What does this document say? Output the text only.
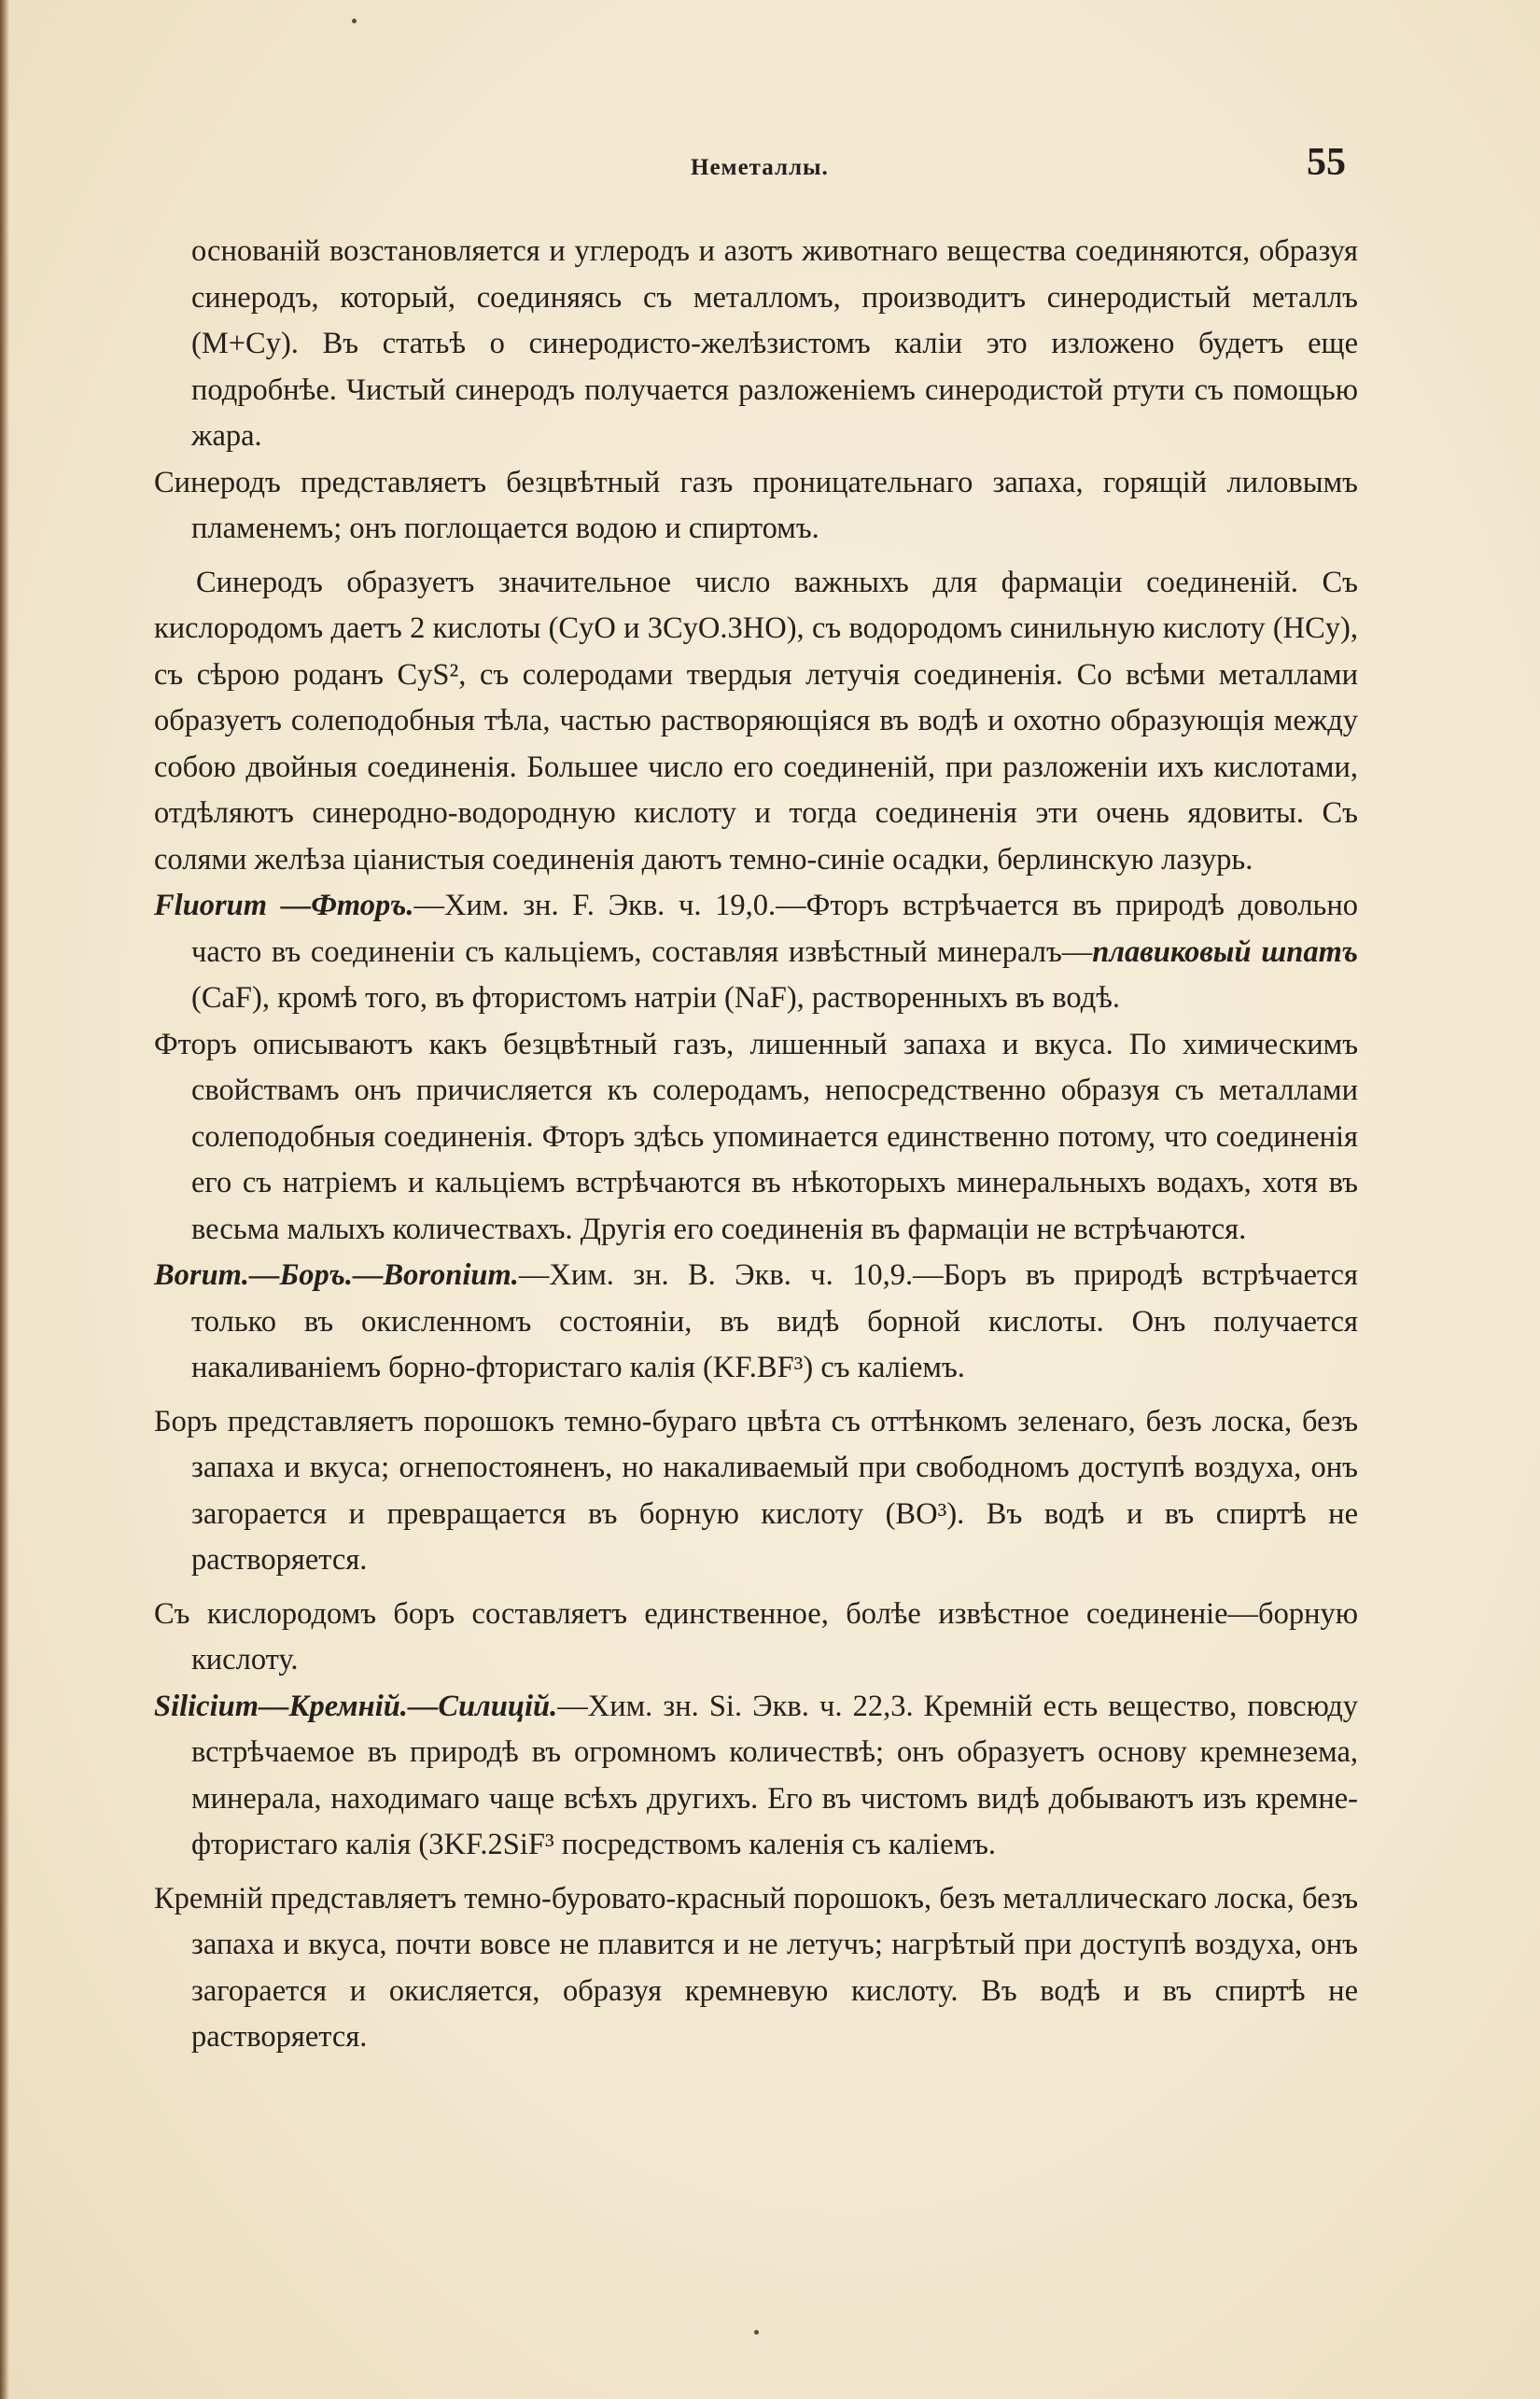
Неметаллы.	55

основаній возстановляется и углеродъ и азотъ животнаго вещества соединяются, образуя синеродъ, который, соединяясь съ металломъ, производитъ синеродистый металлъ (M+Cy). Въ статьѣ о синеродисто-желѣзистомъ каліи это изложено будетъ еще подробнѣе. Чистый синеродъ получается разложеніемъ синеродистой ртути съ помощью жара.

Синеродъ представляетъ безцвѣтный газъ проницательнаго запаха, горящій лиловымъ пламенемъ; онъ поглощается водою и спиртомъ.

Синеродъ образуетъ значительное число важныхъ для фармаціи соединеній. Съ кислородомъ даетъ 2 кислоты (CyO и 3CyO.3HO), съ водородомъ синильную кислоту (HCy), съ сѣрою роданъ CyS², съ солеродами твердыя летучія соединенія. Со всѣми металлами образуетъ солеподобныя тѣла, частью растворяющіяся въ водѣ и охотно образующія между собою двойныя соединенія. Большее число его соединеній, при разложеніи ихъ кислотами, отдѣляютъ синеродно-водородную кислоту и тогда соединенія эти очень ядовиты. Съ солями желѣза ціанистыя соединенія даютъ темно-синіе осадки, берлинскую лазурь.

Fluorum —Фторъ.—Хим. зн. F. Экв. ч. 19,0.—Фторъ встрѣчается въ природѣ довольно часто въ соединеніи съ кальціемъ, составляя извѣстный минералъ—плавиковый шпатъ (CaF), кромѣ того, въ фтористомъ натріи (NaF), растворенныхъ въ водѣ.

Фторъ описываютъ какъ безцвѣтный газъ, лишенный запаха и вкуса. По химическимъ свойствамъ онъ причисляется къ солеродамъ, непосредственно образуя съ металлами солеподобныя соединенія. Фторъ здѣсь упоминается единственно потому, что соединенія его съ натріемъ и кальціемъ встрѣчаются въ нѣкоторыхъ минеральныхъ водахъ, хотя въ весьма малыхъ количествахъ. Другія его соединенія въ фармаціи не встрѣчаются.

Borum.—Боръ.—Boronium.—Хим. зн. B. Экв. ч. 10,9.—Боръ въ природѣ встрѣчается только въ окисленномъ состояніи, въ видѣ борной кислоты. Онъ получается накаливаніемъ борно-фтористаго калія (KF.BF³) съ каліемъ.

Боръ представляетъ порошокъ темно-бураго цвѣта съ оттѣнкомъ зеленаго, безъ лоска, безъ запаха и вкуса; огнепостояненъ, но накаливаемый при свободномъ доступѣ воздуха, онъ загорается и превращается въ борную кислоту (BO³). Въ водѣ и въ спиртѣ не растворяется.

Съ кислородомъ боръ составляетъ единственное, болѣе извѣстное соединеніе—борную кислоту.

Silicium—Кремній.—Силицій.—Хим. зн. Si. Экв. ч. 22,3. Кремній есть вещество, повсюду встрѣчаемое въ природѣ въ огромномъ количествѣ; онъ образуетъ основу кремнезема, минерала, находимаго чаще всѣхъ другихъ. Его въ чистомъ видѣ добываютъ изъ кремне-фтористаго калія (3KF.2SiF³ посредствомъ каленія съ каліемъ.

Кремній представляетъ темно-буровато-красный порошокъ, безъ металлическаго лоска, безъ запаха и вкуса, почти вовсе не плавится и не летучъ; нагрѣтый при доступѣ воздуха, онъ загорается и окисляется, образуя кремневую кислоту. Въ водѣ и въ спиртѣ не растворяется.
